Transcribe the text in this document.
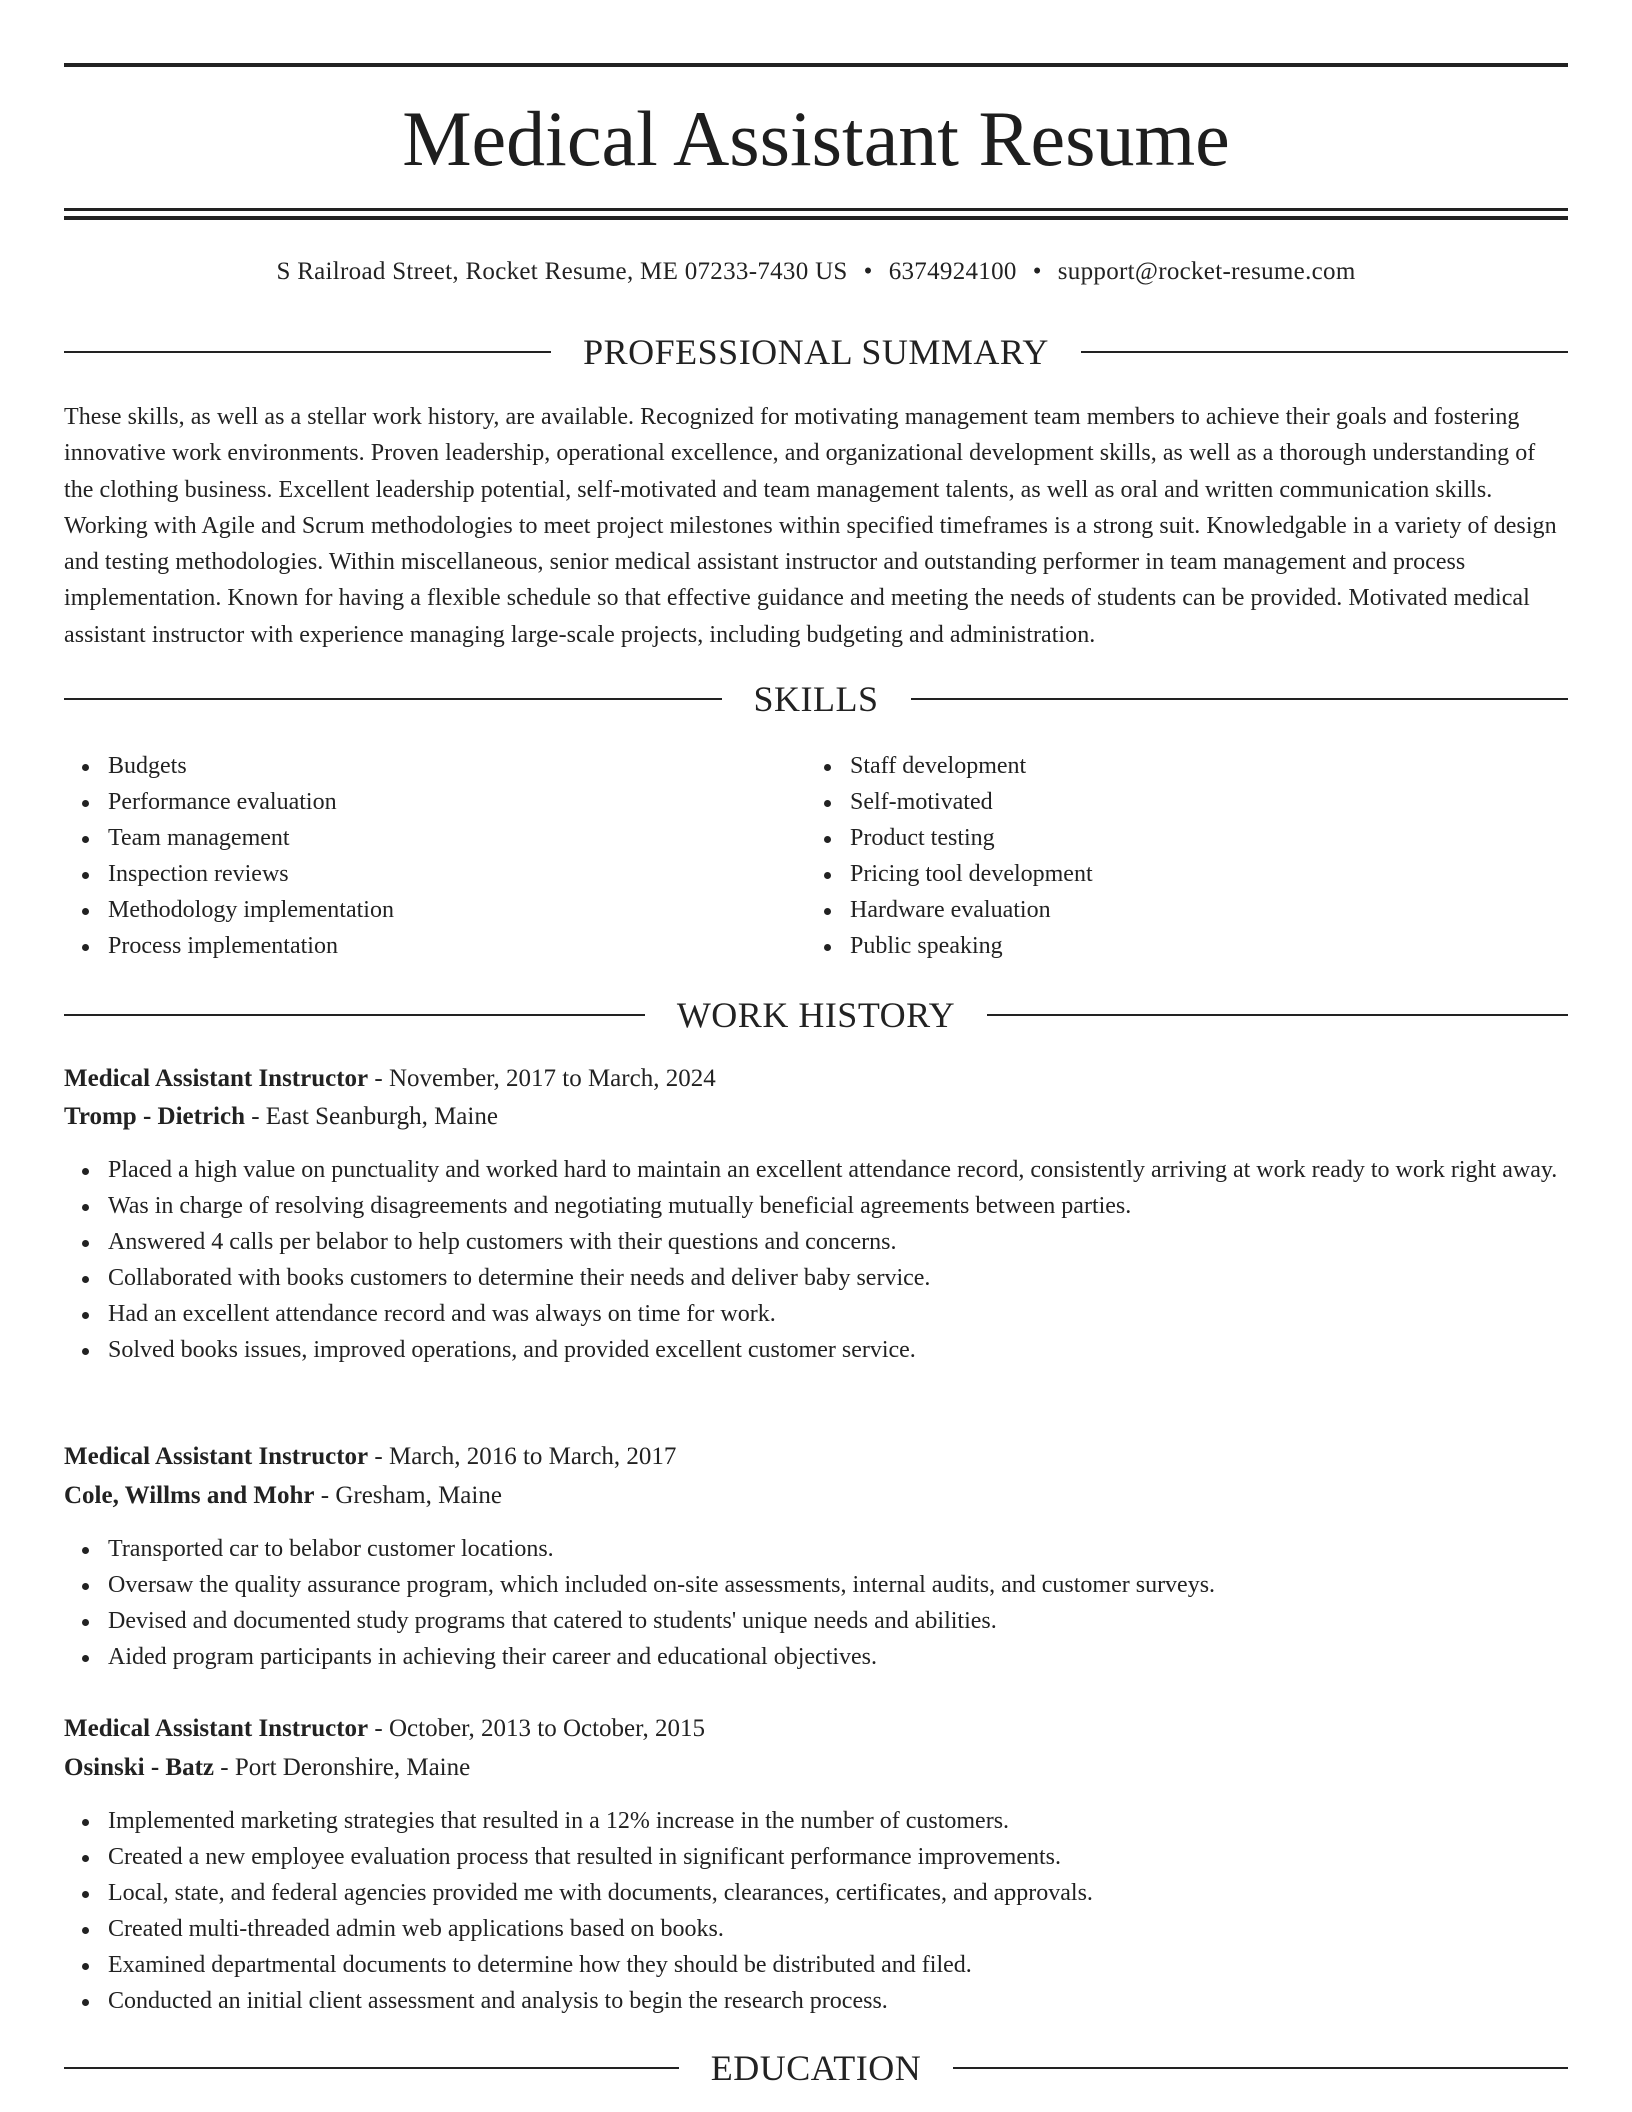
Medical Assistant Resume
S Railroad Street, Rocket Resume, ME 07233-7430 US • 6374924100 • support@rocket-resume.com
PROFESSIONAL SUMMARY

These skills, as well as a stellar work history, are available. Recognized for motivating management team members to achieve their goals and fostering innovative work environments. Proven leadership, operational excellence, and organizational development skills, as well as a thorough understanding of the clothing business. Excellent leadership potential, self-motivated and team management talents, as well as oral and written communication skills. Working with Agile and Scrum methodologies to meet project milestones within specified timeframes is a strong suit. Knowledgable in a variety of design and testing methodologies. Within miscellaneous, senior medical assistant instructor and outstanding performer in team management and process implementation. Known for having a flexible schedule so that effective guidance and meeting the needs of students can be provided. Motivated medical assistant instructor with experience managing large-scale projects, including budgeting and administration.

SKILLS
Budgets
Performance evaluation
Team management
Inspection reviews
Methodology implementation
Process implementation
Staff development
Self-motivated
Product testing
Pricing tool development
Hardware evaluation
Public speaking
WORK HISTORY

Medical Assistant Instructor - November, 2017 to March, 2024

Tromp - Dietrich - East Seanburgh, Maine

Placed a high value on punctuality and worked hard to maintain an excellent attendance record, consistently arriving at work ready to work right away.
Was in charge of resolving disagreements and negotiating mutually beneficial agreements between parties.
Answered 4 calls per belabor to help customers with their questions and concerns.
Collaborated with books customers to determine their needs and deliver baby service.
Had an excellent attendance record and was always on time for work.
Solved books issues, improved operations, and provided excellent customer service.

Medical Assistant Instructor - March, 2016 to March, 2017

Cole, Willms and Mohr - Gresham, Maine

Transported car to belabor customer locations.
Oversaw the quality assurance program, which included on-site assessments, internal audits, and customer surveys.
Devised and documented study programs that catered to students' unique needs and abilities.
Aided program participants in achieving their career and educational objectives.

Medical Assistant Instructor - October, 2013 to October, 2015

Osinski - Batz - Port Deronshire, Maine

Implemented marketing strategies that resulted in a 12% increase in the number of customers.
Created a new employee evaluation process that resulted in significant performance improvements.
Local, state, and federal agencies provided me with documents, clearances, certificates, and approvals.
Created multi-threaded admin web applications based on books.
Examined departmental documents to determine how they should be distributed and filed.
Conducted an initial client assessment and analysis to begin the research process.
EDUCATION
